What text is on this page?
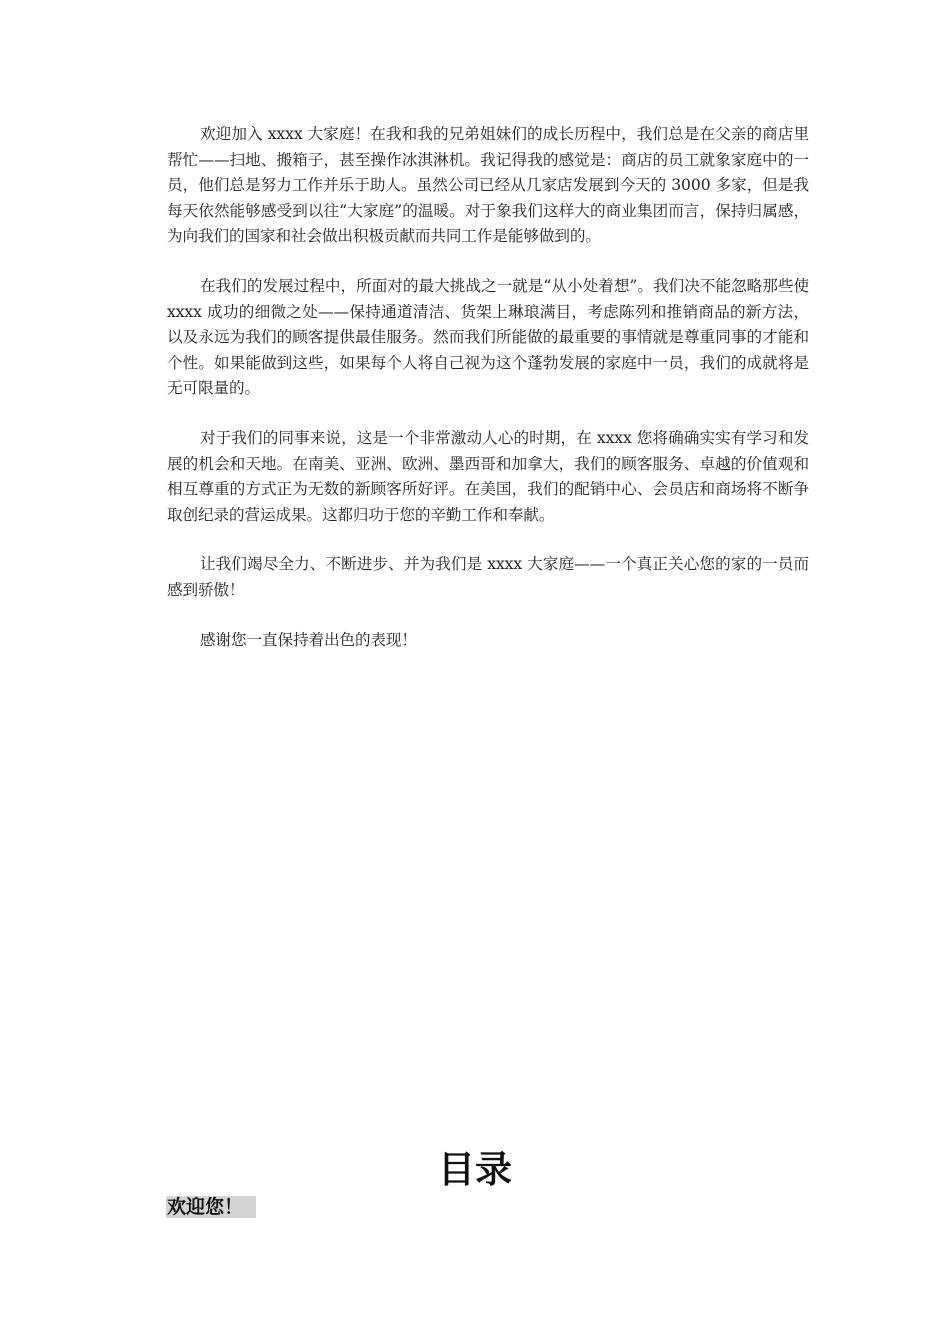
欢迎加入 xxxx 大家庭！在我和我的兄弟姐妹们的成长历程中，我们总是在父亲的商店里帮忙——扫地、搬箱子，甚至操作冰淇淋机。我记得我的感觉是：商店的员工就象家庭中的一员，他们总是努力工作并乐于助人。虽然公司已经从几家店发展到今天的 3000 多家，但是我每天依然能够感受到以往“大家庭”的温暖。对于象我们这样大的商业集团而言，保持归属感，为向我们的国家和社会做出积极贡献而共同工作是能够做到的。

在我们的发展过程中，所面对的最大挑战之一就是“从小处着想”。我们决不能忽略那些使 xxxx 成功的细微之处——保持通道清洁、货架上琳琅满目，考虑陈列和推销商品的新方法，以及永远为我们的顾客提供最佳服务。然而我们所能做的最重要的事情就是尊重同事的才能和个性。如果能做到这些，如果每个人将自己视为这个蓬勃发展的家庭中一员，我们的成就将是无可限量的。

对于我们的同事来说，这是一个非常激动人心的时期，在 xxxx 您将确确实实有学习和发展的机会和天地。在南美、亚洲、欧洲、墨西哥和加拿大，我们的顾客服务、卓越的价值观和相互尊重的方式正为无数的新顾客所好评。在美国，我们的配销中心、会员店和商场将不断争取创纪录的营运成果。这都归功于您的辛勤工作和奉献。

让我们竭尽全力、不断进步、并为我们是 xxxx 大家庭——一个真正关心您的家的一员而感到骄傲！

感谢您一直保持着出色的表现！

目录
欢迎您！
